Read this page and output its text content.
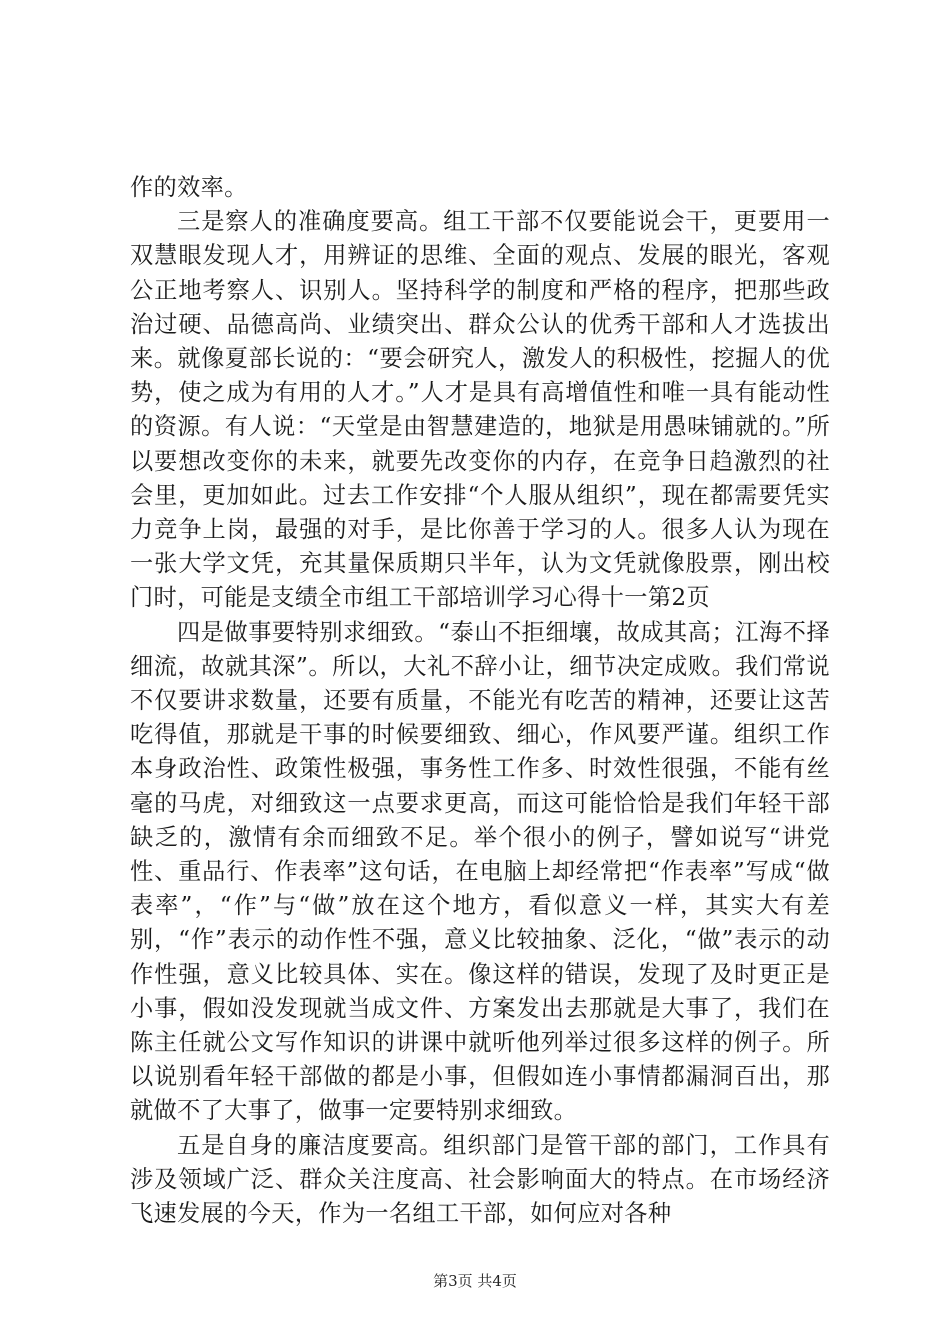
作的效率。

三是察人的准确度要高。组工干部不仅要能说会干，更要用一双慧眼发现人才，用辨证的思维、全面的观点、发展的眼光，客观公正地考察人、识别人。坚持科学的制度和严格的程序，把那些政治过硬、品德高尚、业绩突出、群众公认的优秀干部和人才选拔出来。就像夏部长说的：“要会研究人，激发人的积极性，挖掘人的优势，使之成为有用的人才。”人才是具有高增值性和唯一具有能动性的资源。有人说：“天堂是由智慧建造的，地狱是用愚味铺就的。”所以要想改变你的未来，就要先改变你的内存，在竞争日趋激烈的社会里，更加如此。过去工作安排“个人服从组织”，现在都需要凭实力竞争上岗，最强的对手，是比你善于学习的人。很多人认为现在一张大学文凭，充其量保质期只半年，认为文凭就像股票，刚出校门时，可能是支绩全市组工干部培训学习心得十一第2页

四是做事要特别求细致。“泰山不拒细壤，故成其高；江海不择细流，故就其深”。所以，大礼不辞小让，细节决定成败。我们常说不仅要讲求数量，还要有质量，不能光有吃苦的精神，还要让这苦吃得值，那就是干事的时候要细致、细心，作风要严谨。组织工作本身政治性、政策性极强，事务性工作多、时效性很强，不能有丝毫的马虎，对细致这一点要求更高，而这可能恰恰是我们年轻干部缺乏的，激情有余而细致不足。举个很小的例子，譬如说写“讲党性、重品行、作表率”这句话，在电脑上却经常把“作表率”写成“做表率”，“作”与“做”放在这个地方，看似意义一样，其实大有差别，“作”表示的动作性不强，意义比较抽象、泛化，“做”表示的动作性强，意义比较具体、实在。像这样的错误，发现了及时更正是小事，假如没发现就当成文件、方案发出去那就是大事了，我们在陈主任就公文写作知识的讲课中就听他列举过很多这样的例子。所以说别看年轻干部做的都是小事，但假如连小事情都漏洞百出，那就做不了大事了，做事一定要特别求细致。

五是自身的廉洁度要高。组织部门是管干部的部门，工作具有涉及领域广泛、群众关注度高、社会影响面大的特点。在市场经济飞速发展的今天，作为一名组工干部，如何应对各种

第3页 共4页
